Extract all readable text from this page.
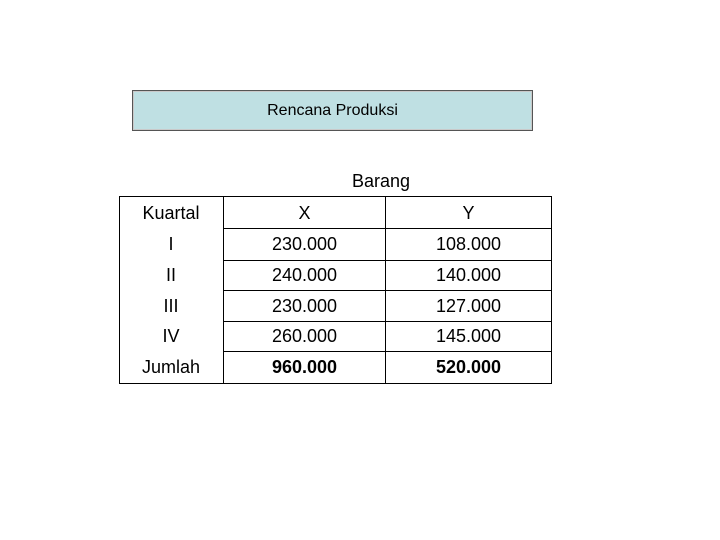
Rencana Produksi
Barang
Kuartal	X	Y
I	230.000	108.000
II	240.000	140.000
III	230.000	127.000
IV	260.000	145.000
Jumlah	960.000	520.000
